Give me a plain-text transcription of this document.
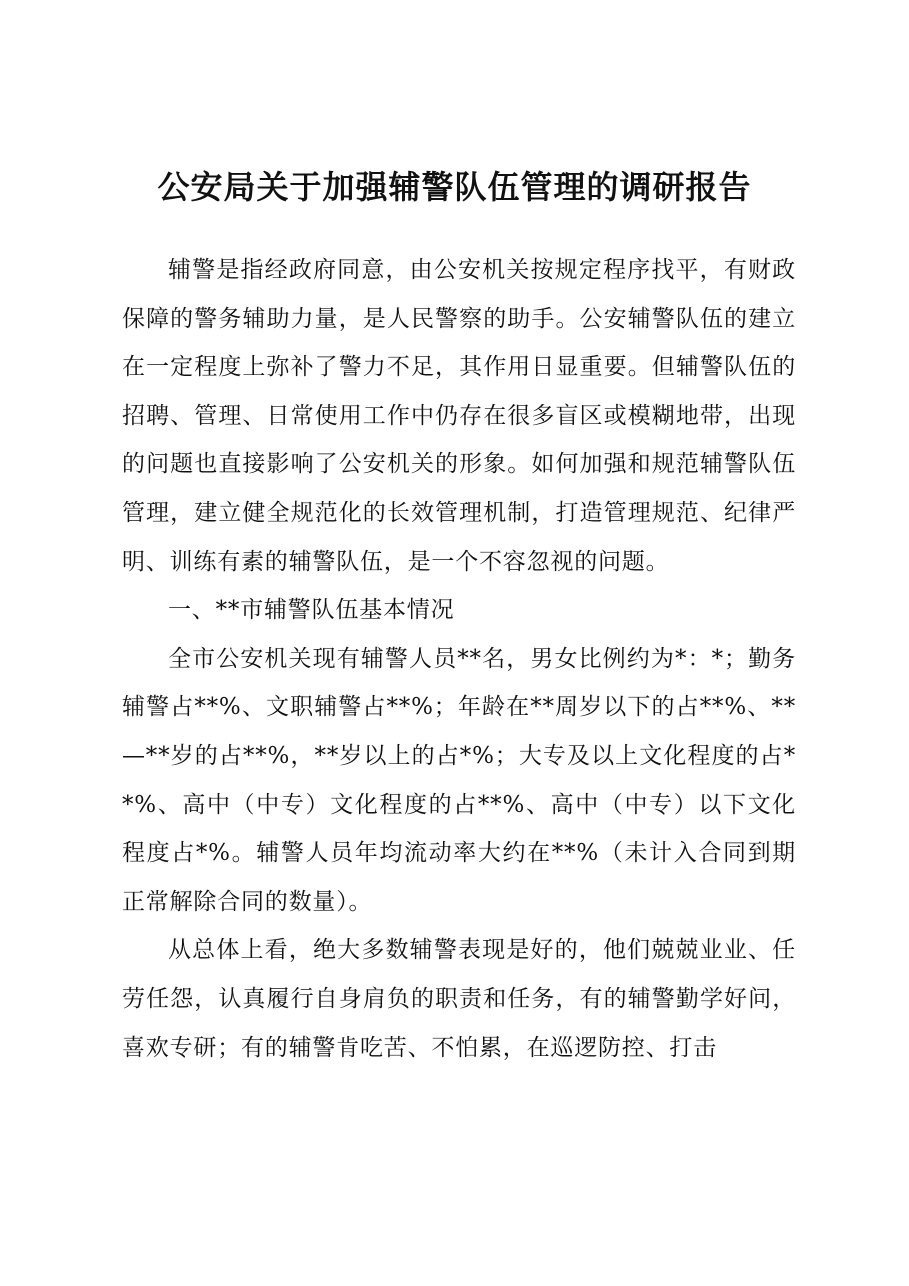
公安局关于加强辅警队伍管理的调研报告

辅警是指经政府同意，由公安机关按规定程序找平，有财政保障的警务辅助力量，是人民警察的助手。公安辅警队伍的建立在一定程度上弥补了警力不足，其作用日显重要。但辅警队伍的招聘、管理、日常使用工作中仍存在很多盲区或模糊地带，出现的问题也直接影响了公安机关的形象。如何加强和规范辅警队伍管理，建立健全规范化的长效管理机制，打造管理规范、纪律严明、训练有素的辅警队伍，是一个不容忽视的问题。

一、**市辅警队伍基本情况

全市公安机关现有辅警人员**名，男女比例约为*：*；勤务辅警占**%、文职辅警占**%；年龄在**周岁以下的占**%、**—**岁的占**%，**岁以上的占*%；大专及以上文化程度的占**%、高中（中专）文化程度的占**%、高中（中专）以下文化程度占*%。辅警人员年均流动率大约在**%（未计入合同到期正常解除合同的数量）。

从总体上看，绝大多数辅警表现是好的，他们兢兢业业、任劳任怨，认真履行自身肩负的职责和任务，有的辅警勤学好问，喜欢专研；有的辅警肯吃苦、不怕累，在巡逻防控、打击
